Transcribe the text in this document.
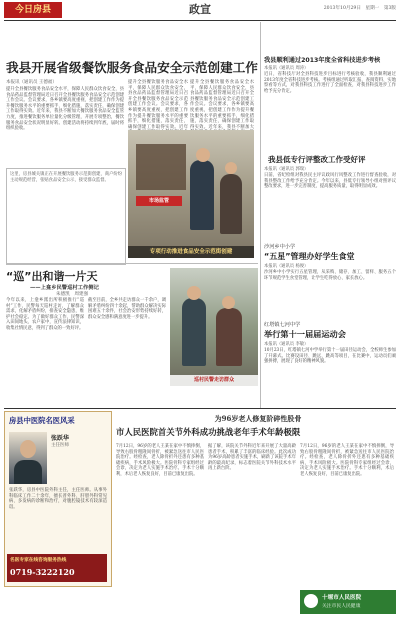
今日房县	政宣	2013年10月29日　星期一　第3版
我县开展省级餐饮服务食品安全示范创建工作
本报讯（通讯员 王德福）
提升全县餐饮服务食品安全水平，保障人民群众饮食安全，县食品药品监督管理局近日召开全县餐饮服务食品安全示范创建工作会议。会议要求，各乡镇要高度重视，把创建工作作为提升餐饮服务水平的重要抓手，细化措施，落实责任，确保创建工作取得实效。近年来，我县不断加大餐饮服务食品安全监管力度，推进餐饮服务单位量化分级管理，开展专项整治，餐饮服务食品安全状况明显好转。创建活动将持续到年底，届时将组织验收。
提升全县餐饮服务食品安全水平，保障人民群众饮食安全，县食品药品监督管理局近日召开全县餐饮服务食品安全示范创建工作会议。会议要求，各乡镇要高度重视，把创建工作作为提升餐饮服务水平的重要抓手，细化措施，落实责任，确保创建工作取得实效。近年
提升全县餐饮服务食品安全水平，保障人民群众饮食安全，县食品药品监督管理局近日召开全县餐饮服务食品安全示范创建工作会议。会议要求，各乡镇要高度重视，把创建工作作为提升餐饮服务水平的重要抓手，细化措施，落实责任，确保创建工作取得实效。近年来，我县不断加大
这里，房县城关镇正在开展餐饮服务示范街创建，商户纷纷主动规范经营，张贴食品安全公示，接受群众监督。
市场监管
专项行动推进食品安全示范街创建
我县顺利通过2013年度全省科技进步考核
本报讯（通讯员 周涛）
近日，省科技厅对全县科技进步目标进行考核验收，我县顺利通过2013年度全省科技进步考核。考核组通过听取汇报、查阅资料、实地察看等方式，对我县科技工作进行了全面检查，对我县科技进步工作给予充分肯定。
我县低专行评整改工作受好评
本报讯（通讯员 郭瑞）
日前，省纪检组对我县民主评议政风行风整改工作进行督查验收，对我县整改工作给予充分肯定。今年以来，县低专行领导小组对照评议整改要求，进一步完善制度，提高服务质量，取得明显成效。
沙河乡中小学
“五星”管理办好学生食堂
本报讯（通讯员 杨俊）
沙河乡中小学实行五星管理，从采购、储存、加工、留样、服务五个环节规范学生食堂管理，让学生吃得放心、家长放心。
红塔镇七河中学
举行第十一届届运动会
本报讯（通讯员 李敏）
10月23日，红塔镇七河中学举行第十一届田径运动会，全校师生参加了开幕式。比赛设田径、跳远、跳高等项目，在比赛中，运动员们顽强拼搏，展现了良好的精神风貌。
“巡”出和谐一片天
——上龛乡民警巡村工作侧记
朱德凯　周建强
今年以来，上龛乡派出所积极推行“巡村”工作，民警每天巡村走访，了解群众需求，化解矛盾纠纷，排查安全隐患，维护社会稳定。为了做好群众工作，民警深入田间地头、农户家中，宣传法律知识，收集社情民意，得到了群众的一致好评。
截至目前，全乡共走访群众一千余户，调解矛盾纠纷四十余起，帮助群众解决实际困难五十余件，社会治安形势持续好转，群众安全感和满意度进一步提升。
巡村民警走访群众
房县中医院名医风采
张跃华
主任医师
张跃华，房县中医院外科主任，主任医师。从事外科临床工作二十余年，擅长普外科、肝胆外科常见病、多发病的诊断和治疗，对腹腔镜技术有较深造诣。
名医专家在线咨询服务热线
0719-3222120
为96岁老人修复阶碎性股骨
市人民医院首关节外科成功挑战老年手术年龄极限
7月12日，96岁的老人王某在家中不慎摔倒，导致右股骨粗隆间骨折，被紧急送往市人民医院治疗。经检查，老人除骨折外还患有多种基础疾病，手术风险极大。医院骨科专家组经过会诊，决定为老人实施手术治疗。手术十分顺利，术后老人恢复良好，目前已康复出院。
据了解，该院关节外科近年来开展了大量高龄患者手术，积累了丰富的临床经验。此次成功为96岁高龄患者实施手术，刷新了该院手术年龄的最高纪录，标志着医院关节外科技术水平再上新台阶。
7月12日，96岁的老人王某在家中不慎摔倒，导致右股骨粗隆间骨折，被紧急送往市人民医院治疗。经检查，老人除骨折外还患有多种基础疾病，手术风险极大。医院骨科专家组经过会诊，决定为老人实施手术治疗。手术十分顺利，术后老人恢复良好，目前已康复出院。
十堰市人民医院
关注市民人民健康
